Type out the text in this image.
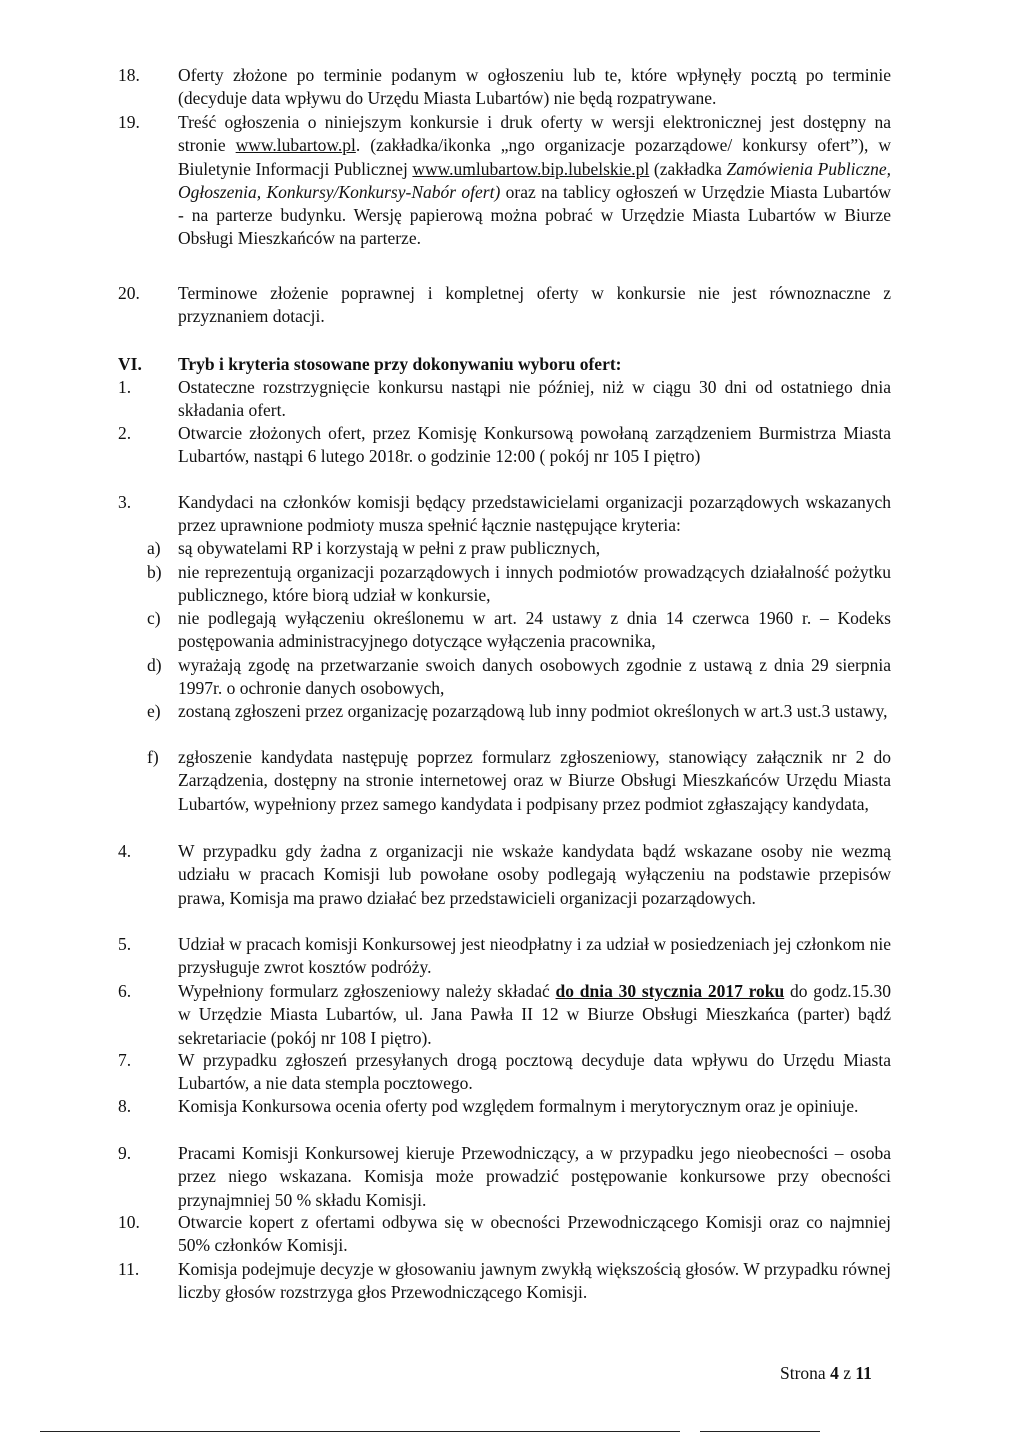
18.	Oferty złożone po terminie podanym w ogłoszeniu lub te, które wpłynęły pocztą po terminie (decyduje data wpływu do Urzędu Miasta Lubartów) nie będą rozpatrywane.
19.	Treść ogłoszenia o niniejszym konkursie i druk oferty w wersji elektronicznej jest dostępny na stronie www.lubartow.pl. (zakładka/ikonka „ngo organizacje pozarządowe/ konkursy ofert”), w Biuletynie Informacji Publicznej www.umlubartow.bip.lubelskie.pl (zakładka Zamówienia Publiczne, Ogłoszenia, Konkursy/Konkursy-Nabór ofert) oraz na tablicy ogłoszeń w Urzędzie Miasta Lubartów - na parterze budynku. Wersję papierową można pobrać w Urzędzie Miasta Lubartów w Biurze Obsługi Mieszkańców na parterze.
20.	Terminowe złożenie poprawnej i kompletnej oferty w konkursie nie jest równoznaczne z przyznaniem dotacji.
VI.	Tryb i kryteria stosowane przy dokonywaniu wyboru ofert:
1.	Ostateczne rozstrzygnięcie konkursu nastąpi nie później, niż w ciągu 30 dni od ostatniego dnia składania ofert.
2.	Otwarcie złożonych ofert, przez Komisję Konkursową powołaną zarządzeniem Burmistrza Miasta Lubartów, nastąpi 6 lutego 2018r. o godzinie 12:00 ( pokój nr 105 I piętro)
3.	Kandydaci na członków komisji będący przedstawicielami organizacji pozarządowych wskazanych przez uprawnione podmioty musza spełnić łącznie następujące kryteria:
a) są obywatelami RP i korzystają w pełni z praw publicznych,
b) nie reprezentują organizacji pozarządowych i innych podmiotów prowadzących działalność pożytku publicznego, które biorą udział w konkursie,
c) nie podlegają wyłączeniu określonemu w art. 24 ustawy z dnia 14 czerwca 1960 r. – Kodeks postępowania administracyjnego dotyczące wyłączenia pracownika,
d) wyrażają zgodę na przetwarzanie swoich danych osobowych zgodnie z ustawą z dnia 29 sierpnia 1997r. o ochronie danych osobowych,
e) zostaną zgłoszeni przez organizację pozarządową lub inny podmiot określonych w art.3 ust.3 ustawy,
f) zgłoszenie kandydata następuję poprzez formularz zgłoszeniowy, stanowiący załącznik nr 2 do Zarządzenia, dostępny na stronie internetowej oraz w Biurze Obsługi Mieszkańców Urzędu Miasta Lubartów, wypełniony przez samego kandydata i podpisany przez podmiot zgłaszający kandydata,
4.	W przypadku gdy żadna z organizacji nie wskaże kandydata bądź wskazane osoby nie wezmą udziału w pracach Komisji lub powołane osoby podlegają wyłączeniu na podstawie przepisów prawa, Komisja ma prawo działać bez przedstawicieli organizacji pozarządowych.
5.	Udział w pracach komisji Konkursowej jest nieodpłatny i za udział w posiedzeniach jej członkom nie przysługuje zwrot kosztów podróży.
6.	Wypełniony formularz zgłoszeniowy należy składać do dnia 30 stycznia 2017 roku do godz.15.30 w Urzędzie Miasta Lubartów, ul. Jana Pawła II 12 w Biurze Obsługi Mieszkańca (parter) bądź sekretariacie (pokój nr 108 I piętro).
7.	W przypadku zgłoszeń przesyłanych drogą pocztową decyduje data wpływu do Urzędu Miasta Lubartów, a nie data stempla pocztowego.
8.	Komisja Konkursowa ocenia oferty pod względem formalnym i merytorycznym oraz je opiniuje.
9.	Pracami Komisji Konkursowej kieruje Przewodniczący, a w przypadku jego nieobecności – osoba przez niego wskazana. Komisja może prowadzić postępowanie konkursowe przy obecności przynajmniej 50 % składu Komisji.
10.	Otwarcie kopert z ofertami odbywa się w obecności Przewodniczącego Komisji oraz co najmniej 50% członków Komisji.
11.	Komisja podejmuje decyzje w głosowaniu jawnym zwykłą większością głosów. W przypadku równej liczby głosów rozstrzyga głos Przewodniczącego Komisji.
Strona 4 z 11
